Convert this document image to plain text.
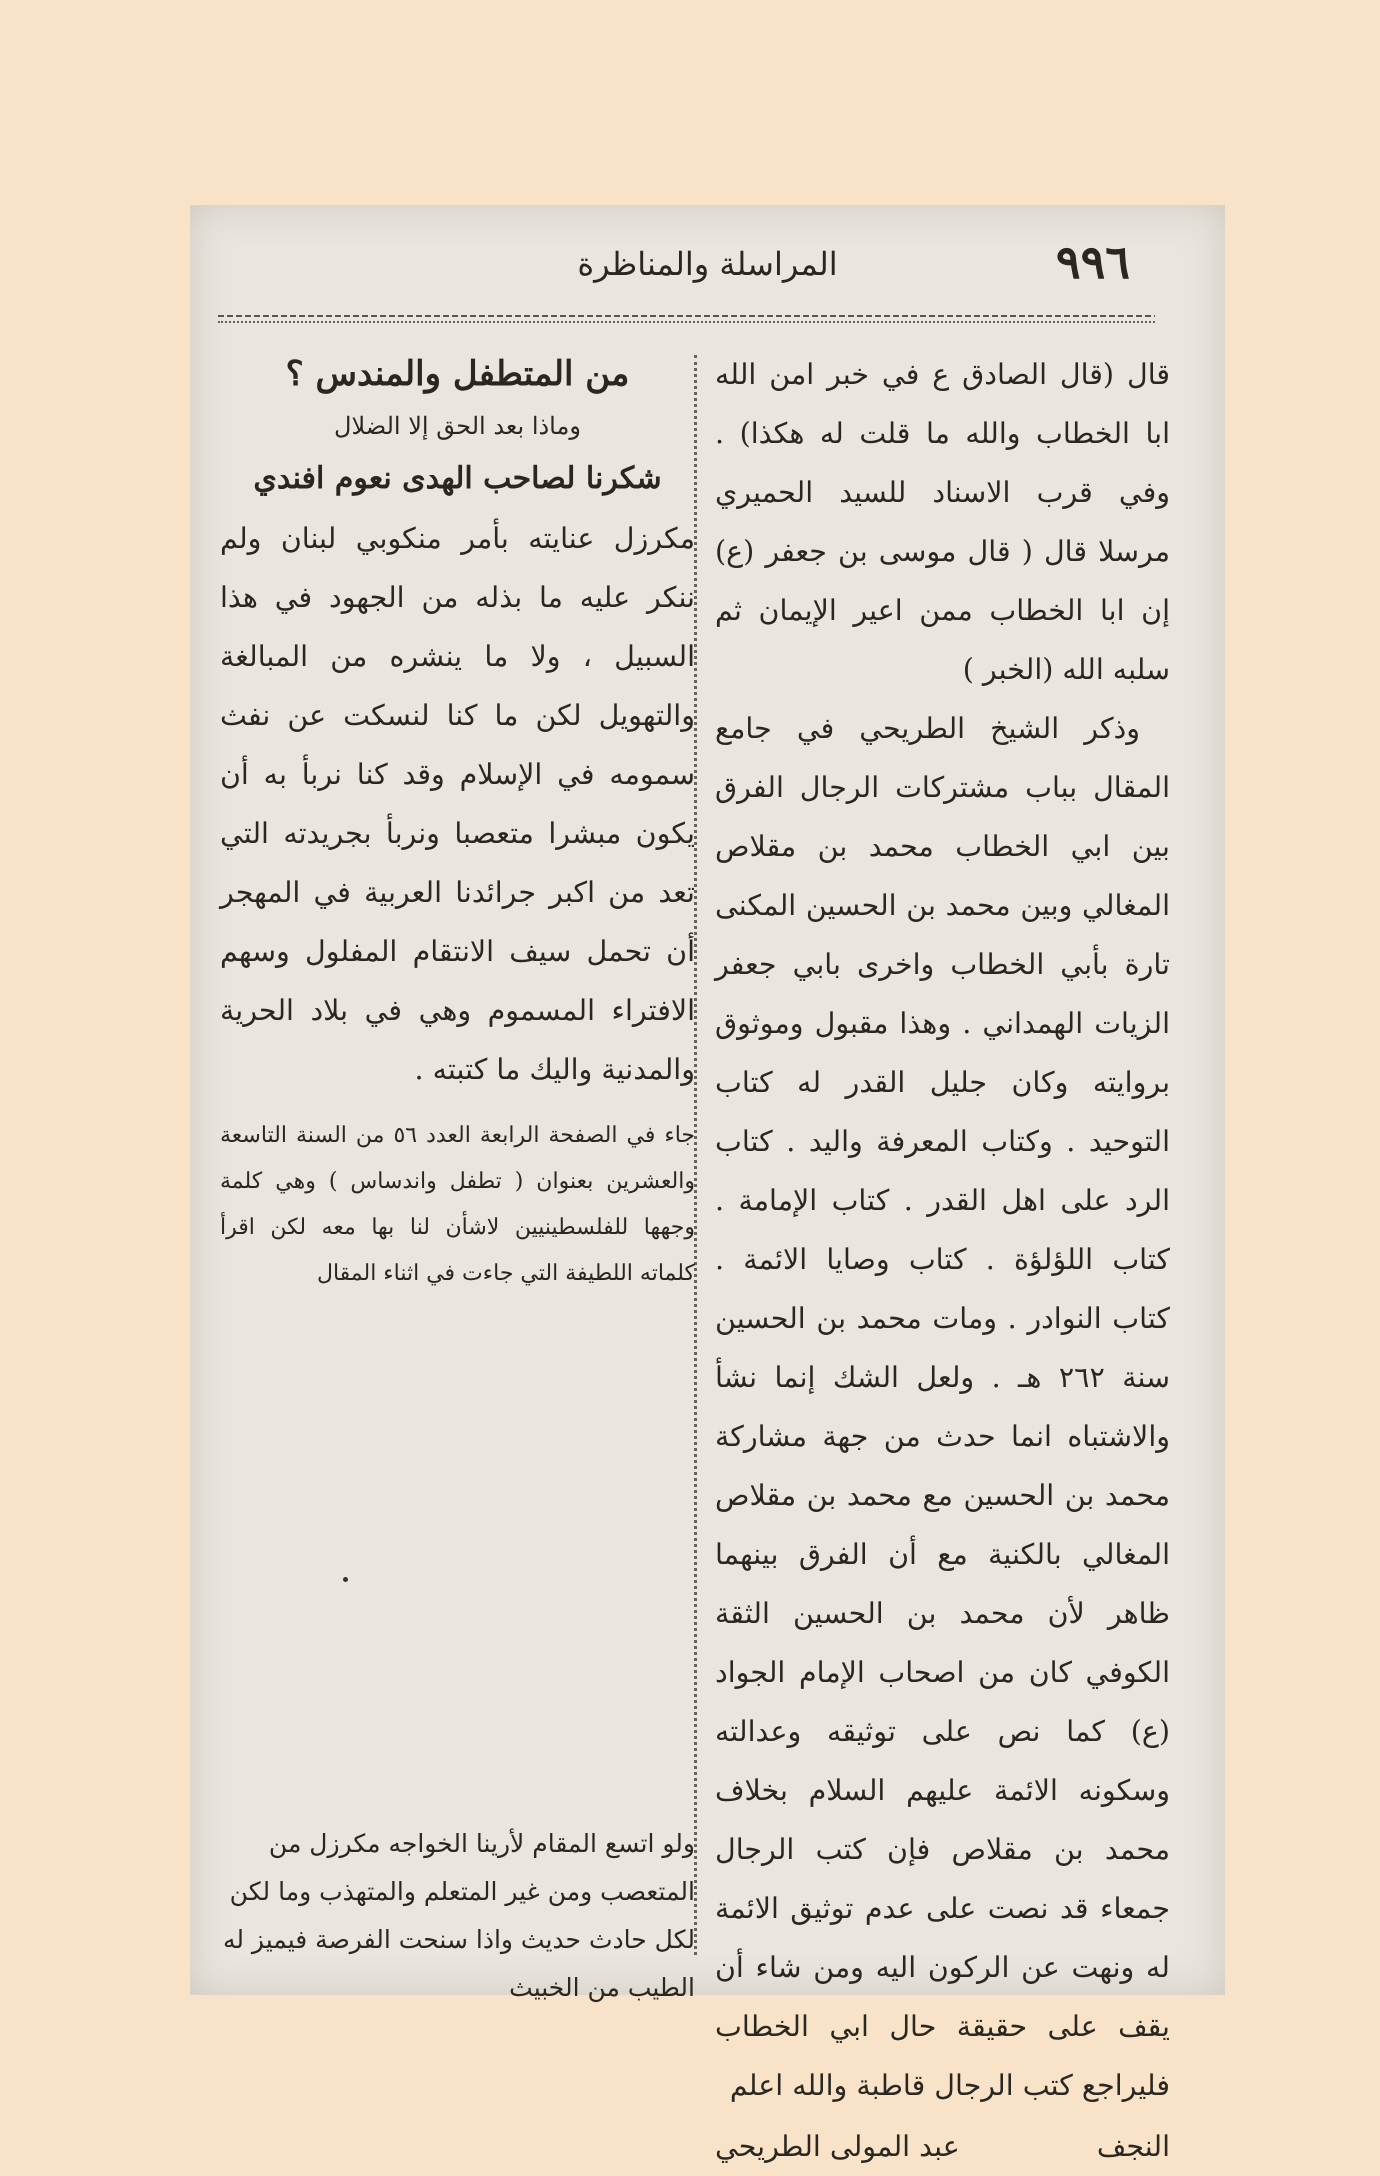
٩٩٦
المراسلة والمناظرة

قال (قال الصادق ع في خبر امن الله ابا الخطاب والله ما قلت له هكذا) . وفي قرب الاسناد للسيد الحميري مرسلا قال ( قال موسى بن جعفر (ع) إن ابا الخطاب ممن اعير الإيمان ثم سلبه الله (الخبر )

وذكر الشيخ الطريحي في جامع المقال بباب مشتركات الرجال الفرق بين ابي الخطاب محمد بن مقلاص المغالي وبين محمد بن الحسين المكنى تارة بأبي الخطاب واخرى بابي جعفر الزيات الهمداني . وهذا مقبول وموثوق بروايته وكان جليل القدر له كتاب التوحيد . وكتاب المعرفة واليد . كتاب الرد على اهل القدر . كتاب الإمامة . كتاب اللؤلؤة . كتاب وصايا الائمة . كتاب النوادر . ومات محمد بن الحسين سنة ٢٦٢ هـ . ولعل الشك إنما نشأ والاشتباه انما حدث من جهة مشاركة محمد بن الحسين مع محمد بن مقلاص المغالي بالكنية مع أن الفرق بينهما ظاهر لأن محمد بن الحسين الثقة الكوفي كان من اصحاب الإمام الجواد (ع) كما نص على توثيقه وعدالته وسكونه الائمة عليهم السلام بخلاف محمد بن مقلاص فإن كتب الرجال جمعاء قد نصت على عدم توثيق الائمة له ونهت عن الركون اليه ومن شاء أن يقف على حقيقة حال ابي الخطاب فليراجع كتب الرجال قاطبة والله اعلم

النجف
عبد المولى الطريحي
من المتطفل والمندس ؟

وماذا بعد الحق إلا الضلال

شكرنا لصاحب الهدى نعوم افندي

مكرزل عنايته بأمر منكوبي لبنان ولم ننكر عليه ما بذله من الجهود في هذا السبيل ، ولا ما ينشره من المبالغة والتهويل لكن ما كنا لنسكت عن نفث سمومه في الإسلام وقد كنا نربأ به أن يكون مبشرا متعصبا ونربأ بجريدته التي تعد من اكبر جرائدنا العربية في المهجر أن تحمل سيف الانتقام المفلول وسهم الافتراء المسموم وهي في بلاد الحرية والمدنية واليك ما كتبته .

جاء في الصفحة الرابعة العدد ٥٦ من السنة التاسعة والعشرين بعنوان ( تطفل واندساس ) وهي كلمة وجهها للفلسطينيين لاشأن لنا بها معه لكن اقرأ كلماته اللطيفة التي جاءت في اثناء المقال

ولو اتسع المقام لأرينا الخواجه مكرزل من المتعصب ومن غير المتعلم والمتهذب وما لكن لكل حادث حديث واذا سنحت الفرصة فيميز له الطيب من الخبيث
